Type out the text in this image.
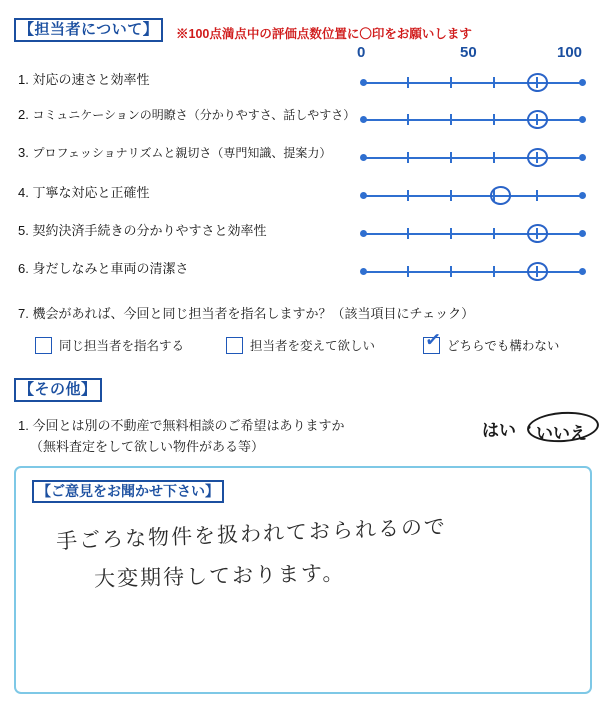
【担当者について】	※100点満点中の評価点数位置に〇印をお願いします
0	50	100
1. 対応の速さと効率性
2. コミュニケーションの明瞭さ（分かりやすさ、話しやすさ）
3. プロフェッショナリズムと親切さ（専門知識、提案力）
4. 丁寧な対応と正確性
5. 契約決済手続きの分かりやすさと効率性
6. 身だしなみと車両の清潔さ
7. 機会があれば、今回と同じ担当者を指名しますか？（該当項目にチェック）
同じ担当者を指名する	担当者を変えて欲しい	✓ どちらでも構わない
【その他】
1. 今回とは別の不動産で無料相談のご希望はありますか
（無料査定をして欲しい物件がある等）
はい ・ いいえ
【ご意見をお聞かせ下さい】
手ごろな物件を扱われておられるので
大変期待しております。
